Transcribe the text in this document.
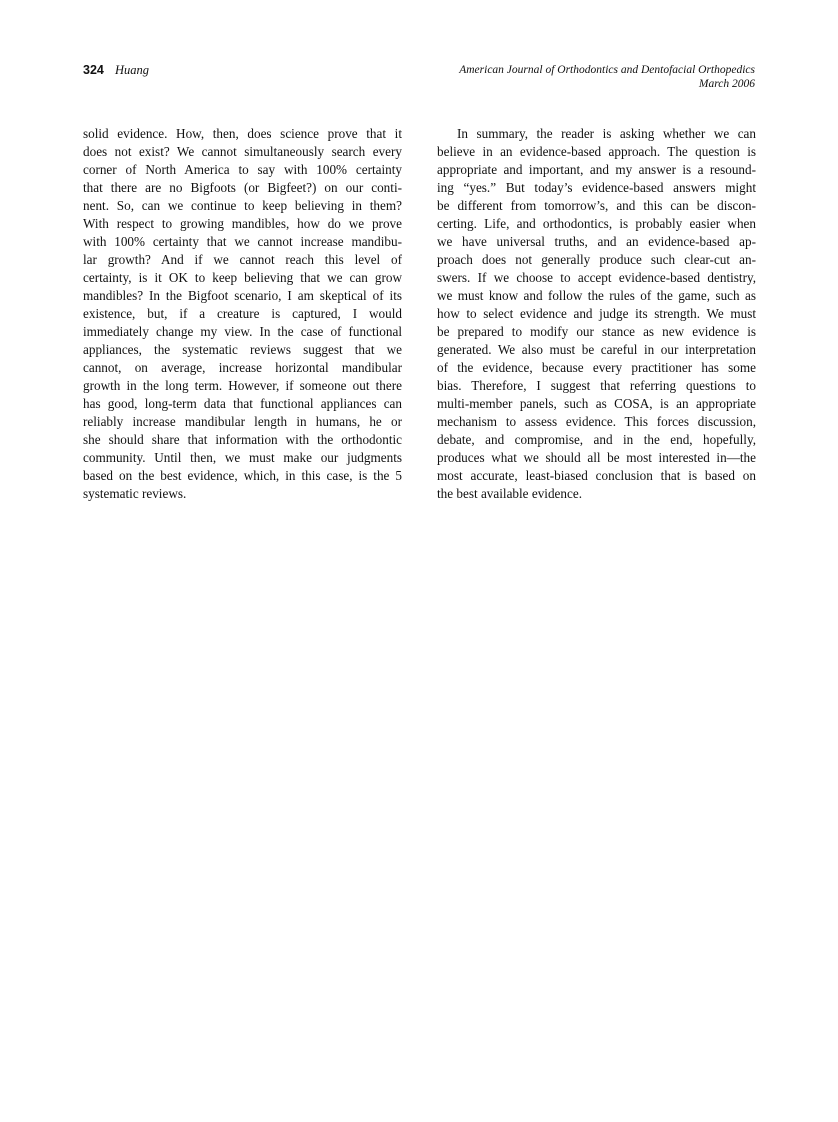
324 Huang	American Journal of Orthodontics and Dentofacial Orthopedics
March 2006
solid evidence. How, then, does science prove that it
does not exist? We cannot simultaneously search every
corner of North America to say with 100% certainty
that there are no Bigfoots (or Bigfeet?) on our conti-
nent. So, can we continue to keep believing in them?
With respect to growing mandibles, how do we prove
with 100% certainty that we cannot increase mandibu-
lar growth? And if we cannot reach this level of
certainty, is it OK to keep believing that we can grow
mandibles? In the Bigfoot scenario, I am skeptical of its
existence, but, if a creature is captured, I would
immediately change my view. In the case of functional
appliances, the systematic reviews suggest that we
cannot, on average, increase horizontal mandibular
growth in the long term. However, if someone out there
has good, long-term data that functional appliances can
reliably increase mandibular length in humans, he or
she should share that information with the orthodontic
community. Until then, we must make our judgments
based on the best evidence, which, in this case, is the 5
systematic reviews.
In summary, the reader is asking whether we can
believe in an evidence-based approach. The question is
appropriate and important, and my answer is a resound-
ing “yes.” But today’s evidence-based answers might
be different from tomorrow’s, and this can be discon-
certing. Life, and orthodontics, is probably easier when
we have universal truths, and an evidence-based ap-
proach does not generally produce such clear-cut an-
swers. If we choose to accept evidence-based dentistry,
we must know and follow the rules of the game, such as
how to select evidence and judge its strength. We must
be prepared to modify our stance as new evidence is
generated. We also must be careful in our interpretation
of the evidence, because every practitioner has some
bias. Therefore, I suggest that referring questions to
multi-member panels, such as COSA, is an appropriate
mechanism to assess evidence. This forces discussion,
debate, and compromise, and in the end, hopefully,
produces what we should all be most interested in—the
most accurate, least-biased conclusion that is based on
the best available evidence.
